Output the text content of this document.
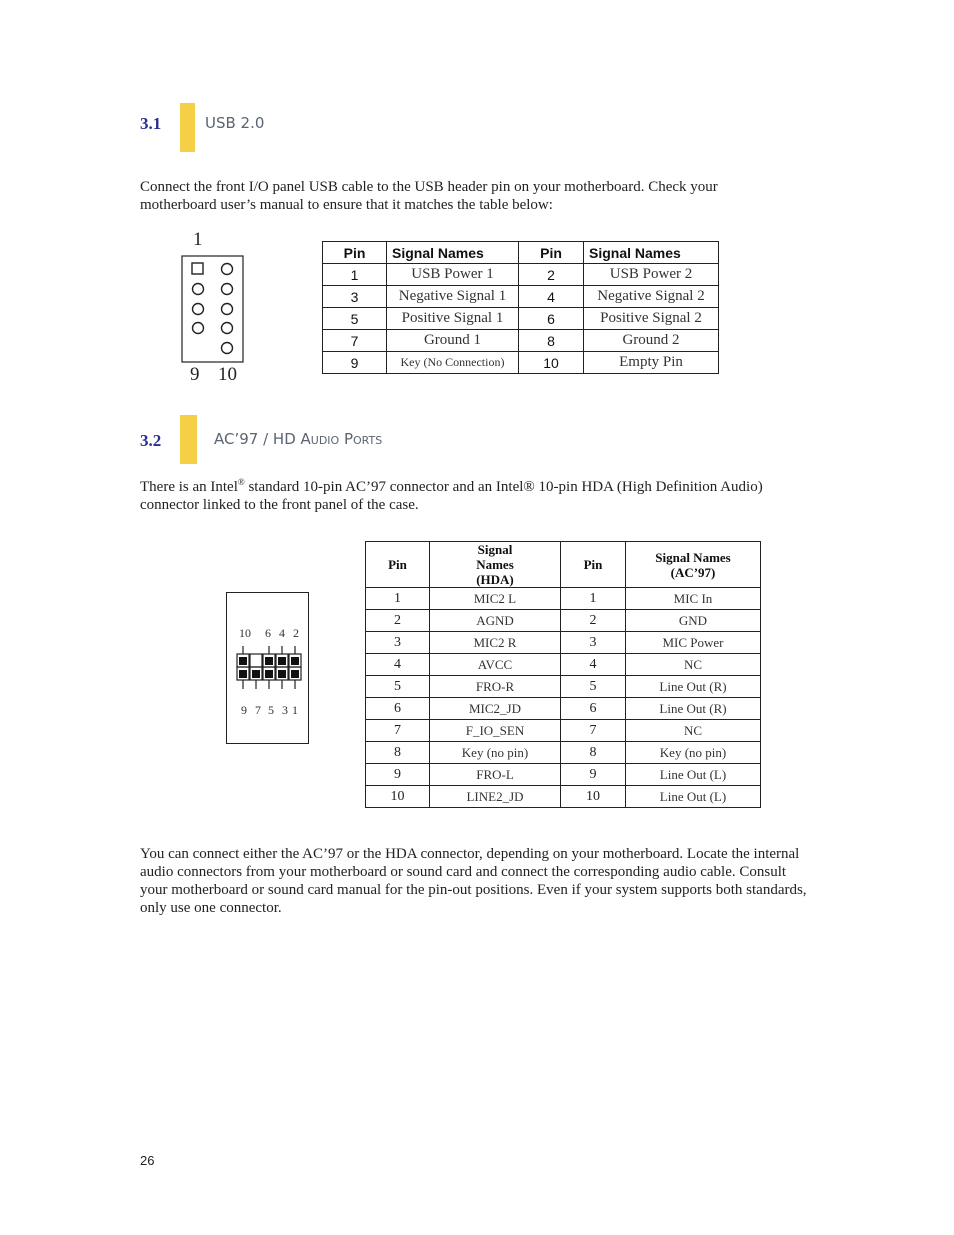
3.1	USB 2.0
Connect the front I/O panel USB cable to the USB header pin on your motherboard. Check your motherboard user’s manual to ensure that it matches the table below:
1
9 10
Pin	Signal Names	Pin	Signal Names
1	USB Power 1	2	USB Power 2
3	Negative Signal 1	4	Negative Signal 2
5	Positive Signal 1	6	Positive Signal 2
7	Ground 1	8	Ground 2
9	Key (No Connection)	10	Empty Pin
3.2	AC’97 / HD Audio Ports
There is an Intel® standard 10-pin AC’97 connector and an Intel® 10-pin HDA (High Definition Audio) connector linked to the front panel of the case.
10 6 4 2
9 7 5 3 1
Pin	Signal Names (HDA)	Pin	Signal Names (AC’97)
1	MIC2 L	1	MIC In
2	AGND	2	GND
3	MIC2 R	3	MIC Power
4	AVCC	4	NC
5	FRO-R	5	Line Out (R)
6	MIC2_JD	6	Line Out (R)
7	F_IO_SEN	7	NC
8	Key (no pin)	8	Key (no pin)
9	FRO-L	9	Line Out (L)
10	LINE2_JD	10	Line Out (L)
You can connect either the AC’97 or the HDA connector, depending on your motherboard. Locate the internal audio connectors from your motherboard or sound card and connect the corresponding audio cable. Consult your motherboard or sound card manual for the pin-out positions. Even if your system supports both standards, only use one connector.
26
